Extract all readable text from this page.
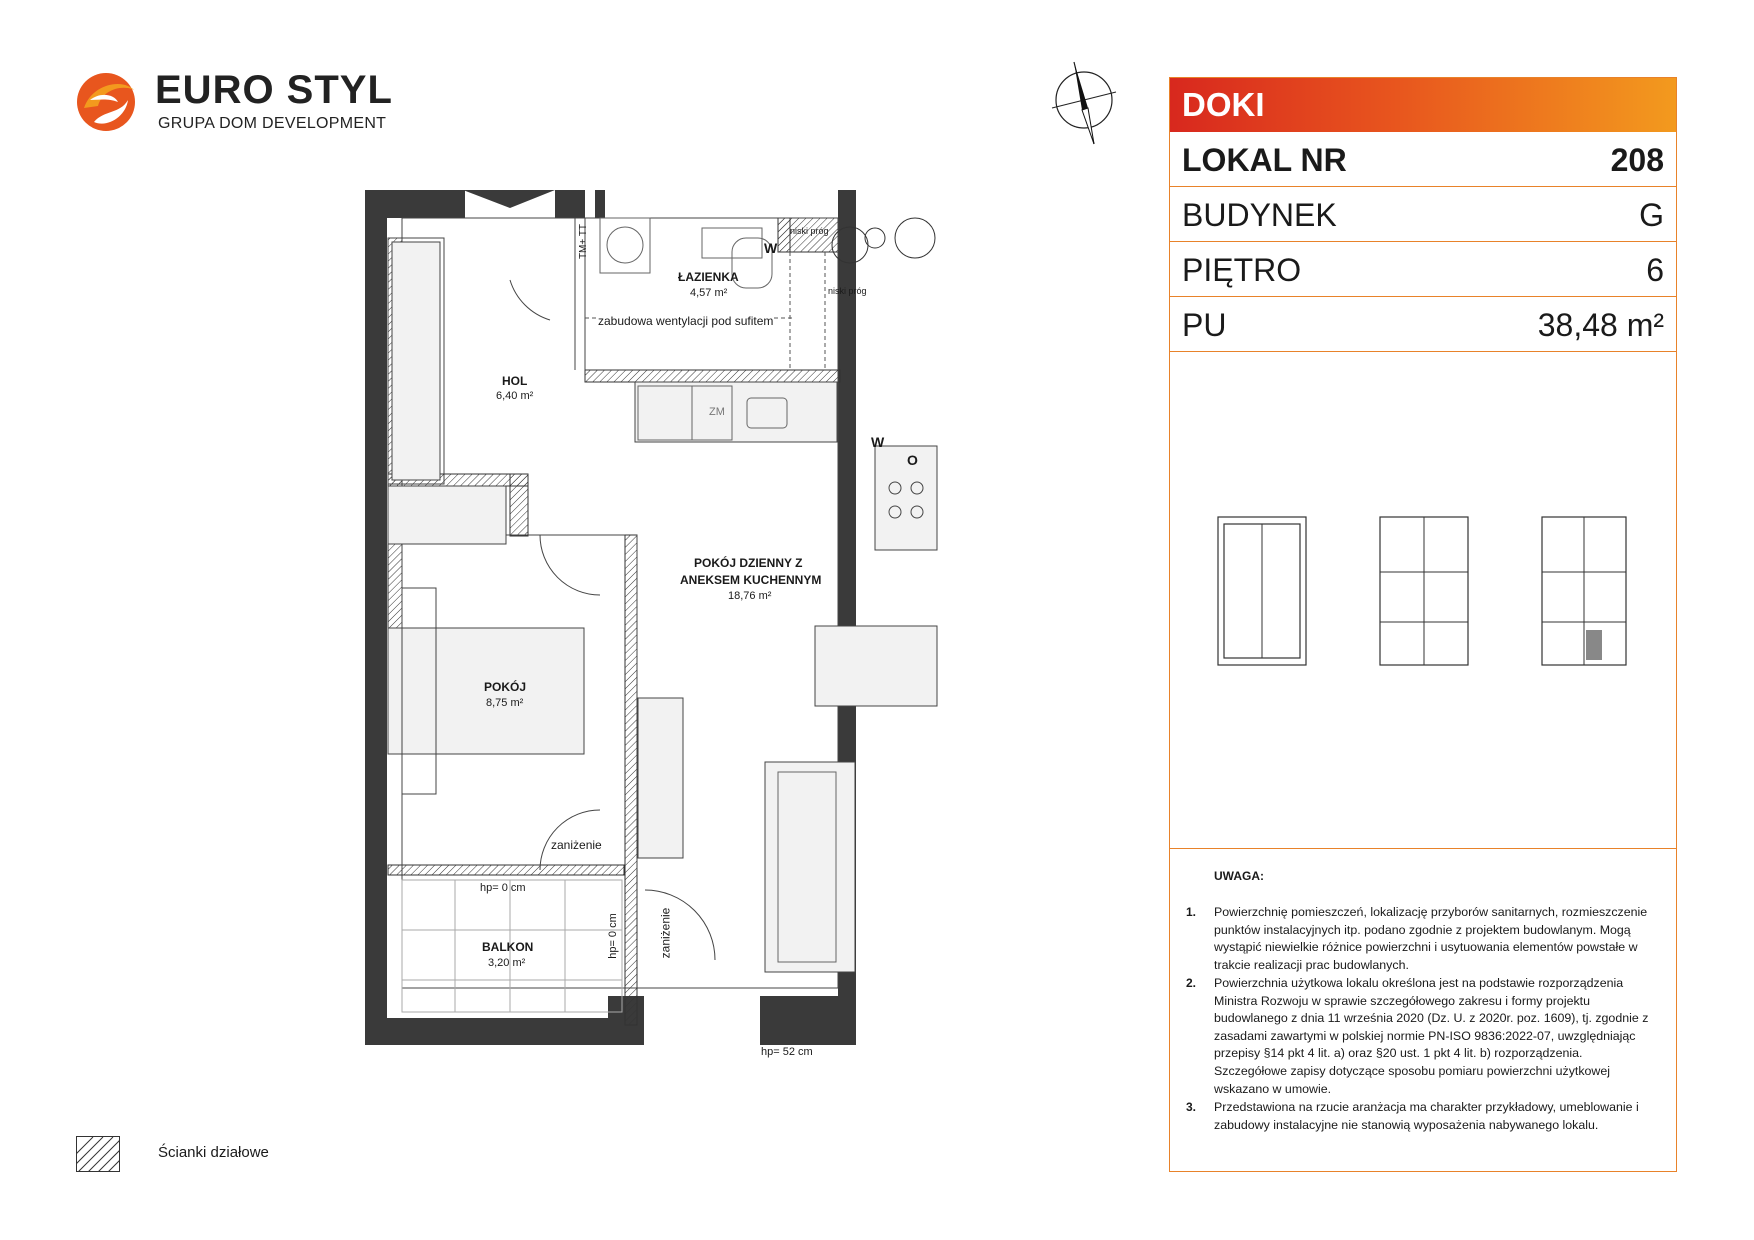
EURO STYL
GRUPA DOM DEVELOPMENT
HOL
6,40 m²
ŁAZIENKA
4,57 m²
POKÓJ DZIENNY Z
ANEKSEM KUCHENNYM
18,76 m²
POKÓJ
8,75 m²
BALKON
3,20 m²
zabudowa wentylacji pod sufitem
niski próg
niski próg
TM+ TT
ZM
W
W
O
zaniżenie
zaniżenie
hp= 0 cm
hp= 0 cm
hp= 52 cm
DOKI
LOKAL NR	208
BUDYNEK	G
PIĘTRO	6
PU	38,48 m²
UWAGA:
1. Powierzchnię pomieszczeń, lokalizację przyborów sanitarnych, rozmieszczenie punktów instalacyjnych itp. podano zgodnie z projektem budowlanym. Mogą wystąpić niewielkie różnice powierzchni i usytuowania elementów powstałe w trakcie realizacji prac budowlanych.
2. Powierzchnia użytkowa lokalu określona jest na podstawie rozporządzenia Ministra Rozwoju w sprawie szczegółowego zakresu i formy projektu budowlanego z dnia 11 września 2020 (Dz. U. z 2020r. poz. 1609), tj. zgodnie z zasadami zawartymi w polskiej normie PN-ISO 9836:2022-07, uwzględniając przepisy §14 pkt 4 lit. a) oraz §20 ust. 1 pkt 4 lit. b) rozporządzenia. Szczegółowe zapisy dotyczące sposobu pomiaru powierzchni użytkowej wskazano w umowie.
3. Przedstawiona na rzucie aranżacja ma charakter przykładowy, umeblowanie i zabudowy instalacyjne nie stanowią wyposażenia nabywanego lokalu.
Ścianki działowe
